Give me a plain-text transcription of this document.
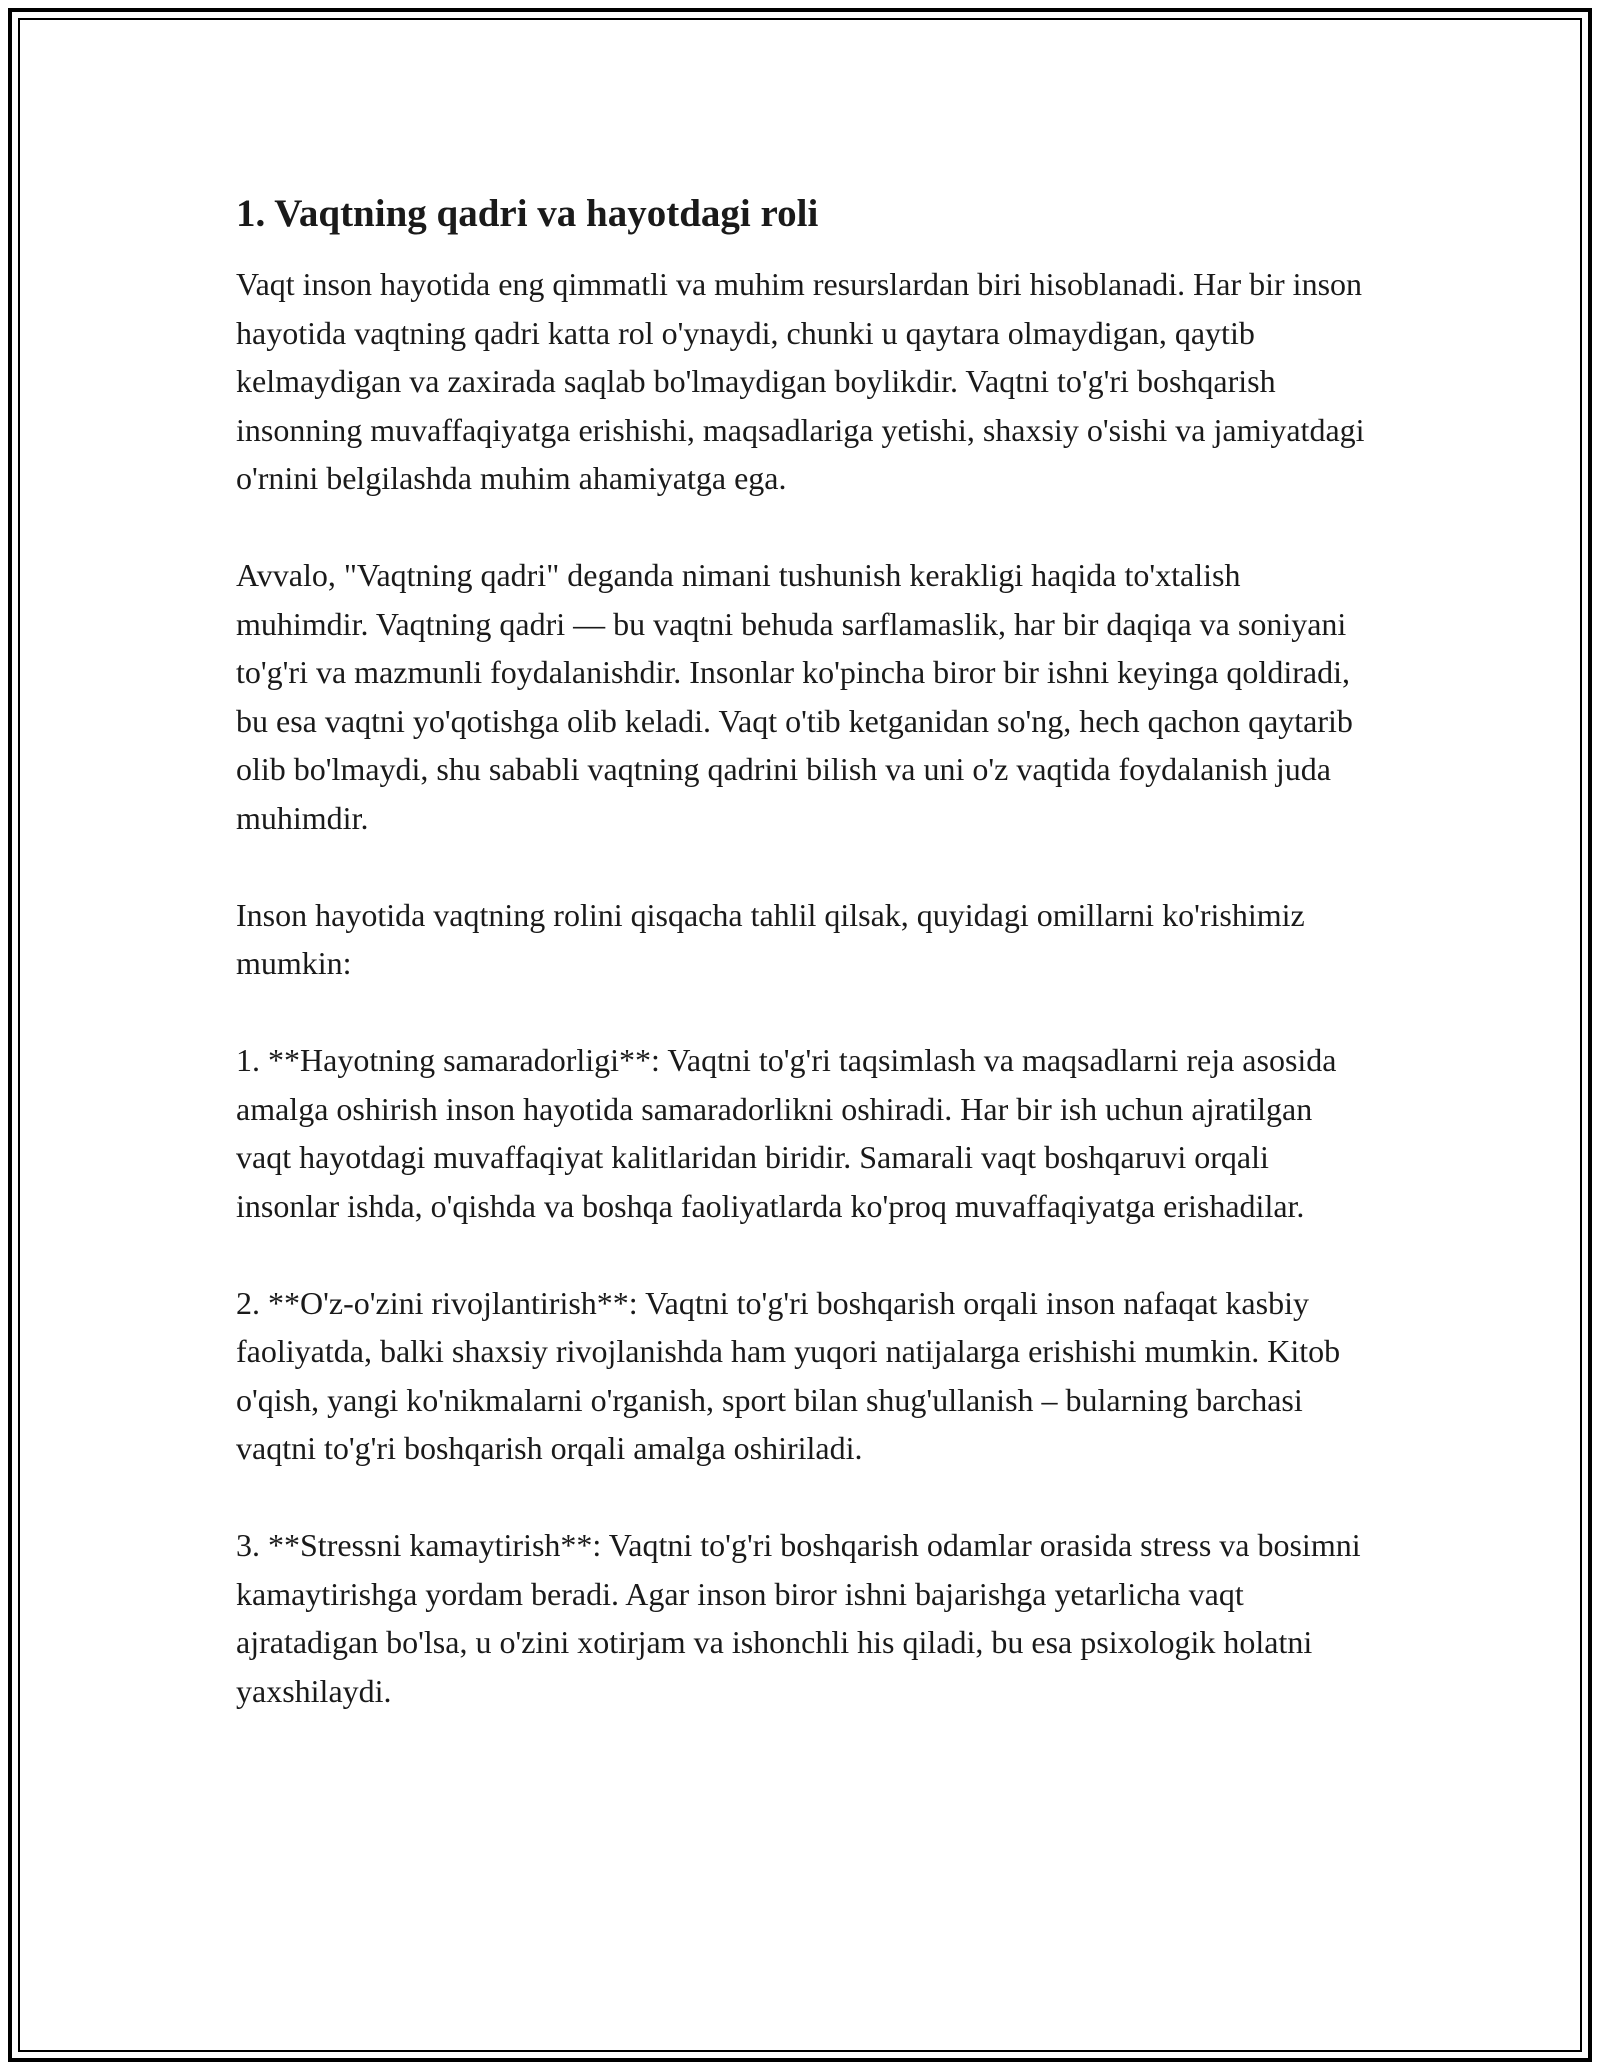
1. Vaqtning qadri va hayotdagi roli

Vaqt inson hayotida eng qimmatli va muhim resurslardan biri hisoblanadi. Har bir inson hayotida vaqtning qadri katta rol o'ynaydi, chunki u qaytara olmaydigan, qaytib kelmaydigan va zaxirada saqlab bo'lmaydigan boylikdir. Vaqtni to'g'ri boshqarish insonning muvaffaqiyatga erishishi, maqsadlariga yetishi, shaxsiy o'sishi va jamiyatdagi o'rnini belgilashda muhim ahamiyatga ega.

Avvalo, "Vaqtning qadri" deganda nimani tushunish kerakligi haqida to'xtalish muhimdir. Vaqtning qadri — bu vaqtni behuda sarflamaslik, har bir daqiqa va soniyani to'g'ri va mazmunli foydalanishdir. Insonlar ko'pincha biror bir ishni keyinga qoldiradi, bu esa vaqtni yo'qotishga olib keladi. Vaqt o'tib ketganidan so'ng, hech qachon qaytarib olib bo'lmaydi, shu sababli vaqtning qadrini bilish va uni o'z vaqtida foydalanish juda muhimdir.

Inson hayotida vaqtning rolini qisqacha tahlil qilsak, quyidagi omillarni ko'rishimiz mumkin:

1. **Hayotning samaradorligi**: Vaqtni to'g'ri taqsimlash va maqsadlarni reja asosida amalga oshirish inson hayotida samaradorlikni oshiradi. Har bir ish uchun ajratilgan vaqt hayotdagi muvaffaqiyat kalitlaridan biridir. Samarali vaqt boshqaruvi orqali insonlar ishda, o'qishda va boshqa faoliyatlarda ko'proq muvaffaqiyatga erishadilar.

2. **O'z-o'zini rivojlantirish**: Vaqtni to'g'ri boshqarish orqali inson nafaqat kasbiy faoliyatda, balki shaxsiy rivojlanishda ham yuqori natijalarga erishishi mumkin. Kitob o'qish, yangi ko'nikmalarni o'rganish, sport bilan shug'ullanish – bularning barchasi vaqtni to'g'ri boshqarish orqali amalga oshiriladi.

3. **Stressni kamaytirish**: Vaqtni to'g'ri boshqarish odamlar orasida stress va bosimni kamaytirishga yordam beradi. Agar inson biror ishni bajarishga yetarlicha vaqt ajratadigan bo'lsa, u o'zini xotirjam va ishonchli his qiladi, bu esa psixologik holatni yaxshilaydi.
